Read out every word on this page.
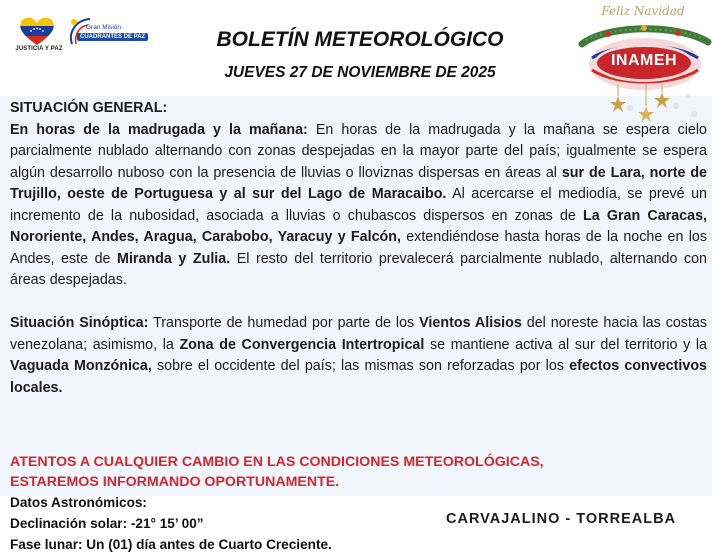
JUSTICIA Y PAZ
Gran Misión
CUADRANTES DE PAZ	BOLETÍN METEOROLÓGICO
JUEVES 27 DE NOVIEMBRE DE 2025
Feliz Navidad
INAMEH

SITUACIÓN GENERAL:

En horas de la madrugada y la mañana: En horas de la madrugada y la mañana se espera cielo parcialmente nublado alternando con zonas despejadas en la mayor parte del país; igualmente se espera algún desarrollo nuboso con la presencia de lluvias o lloviznas dispersas en áreas al sur de Lara, norte de Trujillo, oeste de Portuguesa y al sur del Lago de Maracaibo. Al acercarse el mediodía, se prevé un incremento de la nubosidad, asociada a lluvias o chubascos dispersos en zonas de La Gran Caracas, Nororiente, Andes, Aragua, Carabobo, Yaracuy y Falcón, extendiéndose hasta horas de la noche en los Andes, este de Miranda y Zulia. El resto del territorio prevalecerá parcialmente nublado, alternando con áreas despejadas.

Situación Sinóptica: Transporte de humedad por parte de los Vientos Alisios del noreste hacia las costas venezolana; asimismo, la Zona de Convergencia Intertropical se mantiene activa al sur del territorio y la Vaguada Monzónica, sobre el occidente del país; las mismas son reforzadas por los efectos convectivos locales.

ATENTOS A CUALQUIER CAMBIO EN LAS CONDICIONES METEOROLÓGICAS,
ESTAREMOS INFORMANDO OPORTUNAMENTE.
Datos Astronómicos:
Declinación solar: -21° 15’ 00”
Fase lunar: Un (01) día antes de Cuarto Creciente.
CARVAJALINO - TORREALBA
